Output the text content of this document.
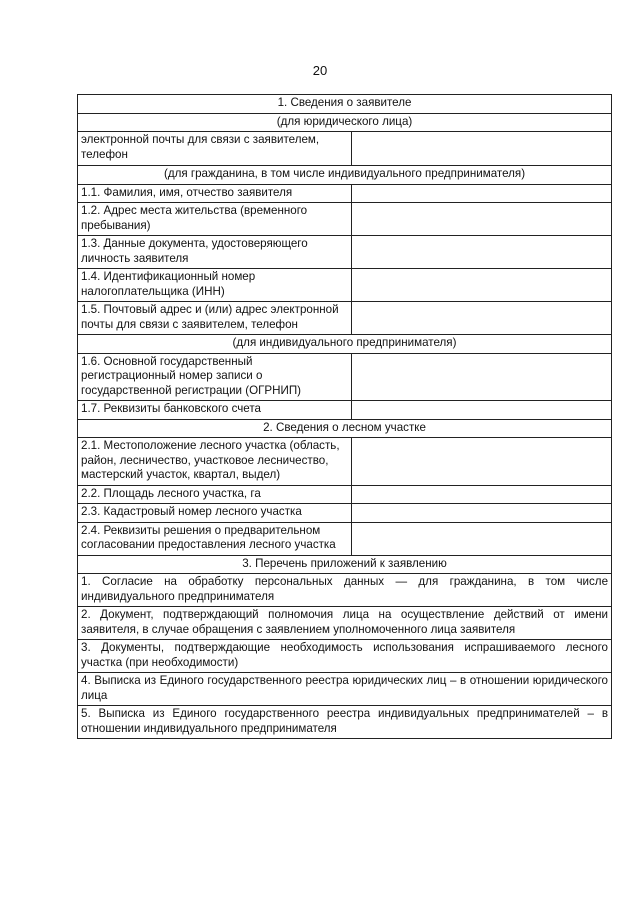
20
1. Сведения о заявителе	
(для юридического лица)	
электронной почты для связи с заявителем, телефон	
(для гражданина, в том числе индивидуального предпринимателя)	
1.1. Фамилия, имя, отчество заявителя	
1.2. Адрес места жительства (временного пребывания)	
1.3. Данные документа, удостоверяющего личность заявителя	
1.4. Идентификационный номер налогоплательщика (ИНН)	
1.5. Почтовый адрес и (или) адрес электронной почты для связи с заявителем, телефон	
(для индивидуального предпринимателя)	
1.6. Основной государственный регистрационный номер записи о государственной регистрации (ОГРНИП)	
1.7. Реквизиты банковского счета	
2. Сведения о лесном участке	
2.1. Местоположение лесного участка (область, район, лесничество, участковое лесничество, мастерский участок, квартал, выдел)	
2.2. Площадь лесного участка, га	
2.3. Кадастровый номер лесного участка	
2.4. Реквизиты решения о предварительном согласовании предоставления лесного участка	
3. Перечень приложений к заявлению	
1. Согласие на обработку персональных данных — для гражданина, в том числе индивидуального предпринимателя	
2. Документ, подтверждающий полномочия лица на осуществление действий от имени заявителя, в случае обращения с заявлением уполномоченного лица заявителя	
3. Документы, подтверждающие необходимость использования испрашиваемого лесного участка (при необходимости)	
4. Выписка из Единого государственного реестра юридических лиц – в отношении юридического лица	
5. Выписка из Единого государственного реестра индивидуальных предпринимателей – в отношении индивидуального предпринимателя	
